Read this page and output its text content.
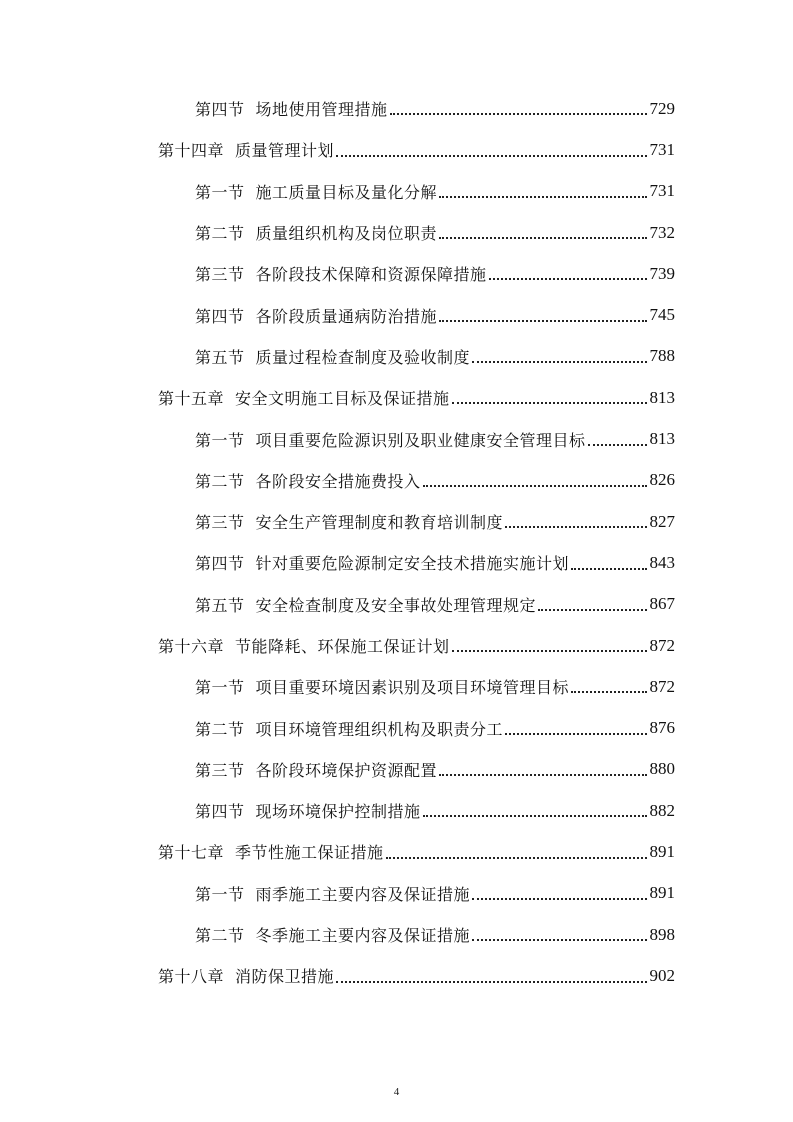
第四节 场地使用管理措施	729
第十四章 质量管理计划	731
第一节 施工质量目标及量化分解	731
第二节 质量组织机构及岗位职责	732
第三节 各阶段技术保障和资源保障措施	739
第四节 各阶段质量通病防治措施	745
第五节 质量过程检查制度及验收制度	788
第十五章 安全文明施工目标及保证措施	813
第一节 项目重要危险源识别及职业健康安全管理目标	813
第二节 各阶段安全措施费投入	826
第三节 安全生产管理制度和教育培训制度	827
第四节 针对重要危险源制定安全技术措施实施计划	843
第五节 安全检查制度及安全事故处理管理规定	867
第十六章 节能降耗、环保施工保证计划	872
第一节 项目重要环境因素识别及项目环境管理目标	872
第二节 项目环境管理组织机构及职责分工	876
第三节 各阶段环境保护资源配置	880
第四节 现场环境保护控制措施	882
第十七章 季节性施工保证措施	891
第一节 雨季施工主要内容及保证措施	891
第二节 冬季施工主要内容及保证措施	898
第十八章 消防保卫措施	902
4
